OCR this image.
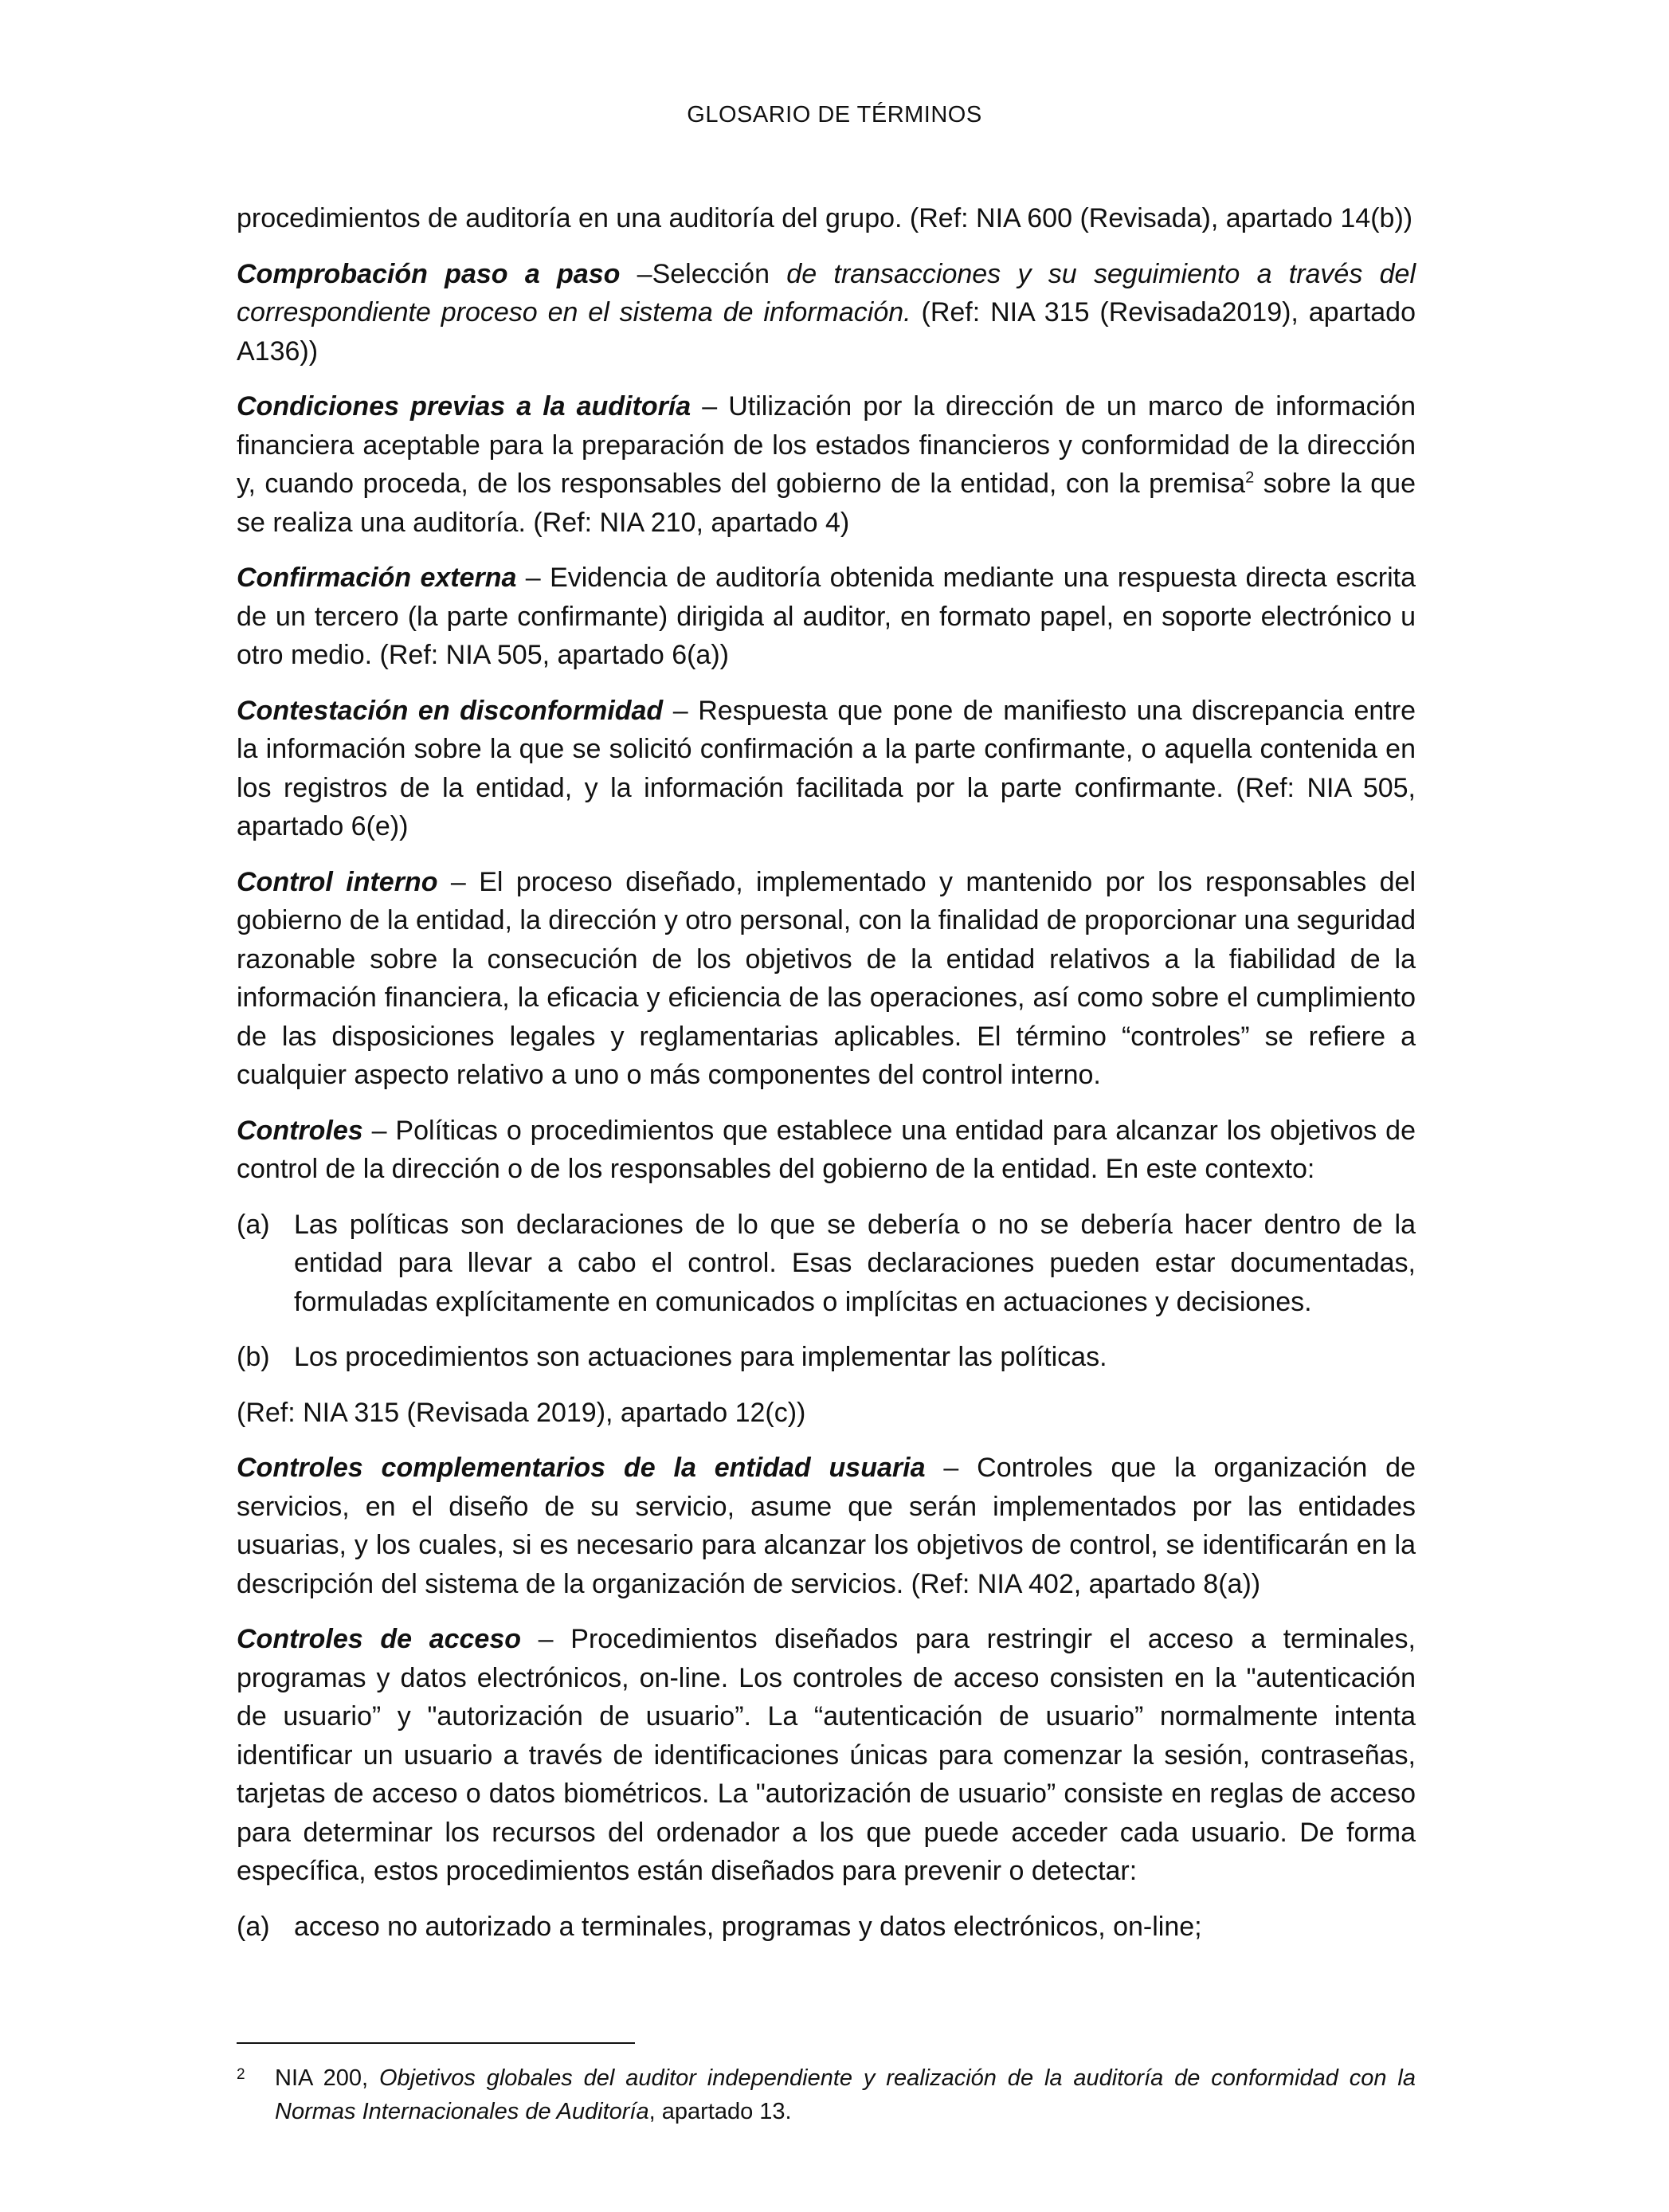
GLOSARIO DE TÉRMINOS

procedimientos de auditoría en una auditoría del grupo. (Ref: NIA 600 (Revisada), apartado 14(b))

Comprobación paso a paso –Selección de transacciones y su seguimiento a través del correspondiente proceso en el sistema de información. (Ref: NIA 315 (Revisada2019), apartado A136))

Condiciones previas a la auditoría – Utilización por la dirección de un marco de información financiera aceptable para la preparación de los estados financieros y conformidad de la dirección y, cuando proceda, de los responsables del gobierno de la entidad, con la premisa$^2$ sobre la que se realiza una auditoría. (Ref: NIA 210, apartado 4)

Confirmación externa – Evidencia de auditoría obtenida mediante una respuesta directa escrita de un tercero (la parte confirmante) dirigida al auditor, en formato papel, en soporte electrónico u otro medio. (Ref: NIA 505, apartado 6(a))

Contestación en disconformidad – Respuesta que pone de manifiesto una discrepancia entre la información sobre la que se solicitó confirmación a la parte confirmante, o aquella contenida en los registros de la entidad, y la información facilitada por la parte confirmante. (Ref: NIA 505, apartado 6(e))

Control interno – El proceso diseñado, implementado y mantenido por los responsables del gobierno de la entidad, la dirección y otro personal, con la finalidad de proporcionar una seguridad razonable sobre la consecución de los objetivos de la entidad relativos a la fiabilidad de la información financiera, la eficacia y eficiencia de las operaciones, así como sobre el cumplimiento de las disposiciones legales y reglamentarias aplicables. El término “controles” se refiere a cualquier aspecto relativo a uno o más componentes del control interno.

Controles – Políticas o procedimientos que establece una entidad para alcanzar los objetivos de control de la dirección o de los responsables del gobierno de la entidad. En este contexto:

(a) Las políticas son declaraciones de lo que se debería o no se debería hacer dentro de la entidad para llevar a cabo el control. Esas declaraciones pueden estar documentadas, formuladas explícitamente en comunicados o implícitas en actuaciones y decisiones.
(b) Los procedimientos son actuaciones para implementar las políticas.

(Ref: NIA 315 (Revisada 2019), apartado 12(c))

Controles complementarios de la entidad usuaria – Controles que la organización de servicios, en el diseño de su servicio, asume que serán implementados por las entidades usuarias, y los cuales, si es necesario para alcanzar los objetivos de control, se identificarán en la descripción del sistema de la organización de servicios. (Ref: NIA 402, apartado 8(a))

Controles de acceso – Procedimientos diseñados para restringir el acceso a terminales, programas y datos electrónicos, on-line. Los controles de acceso consisten en la "autenticación de usuario” y "autorización de usuario”. La “autenticación de usuario” normalmente intenta identificar un usuario a través de identificaciones únicas para comenzar la sesión, contraseñas, tarjetas de acceso o datos biométricos. La "autorización de usuario” consiste en reglas de acceso para determinar los recursos del ordenador a los que puede acceder cada usuario. De forma específica, estos procedimientos están diseñados para prevenir o detectar:

(a) acceso no autorizado a terminales, programas y datos electrónicos, on-line;
2	NIA 200, Objetivos globales del auditor independiente y realización de la auditoría de conformidad con la Normas Internacionales de Auditoría, apartado 13.
